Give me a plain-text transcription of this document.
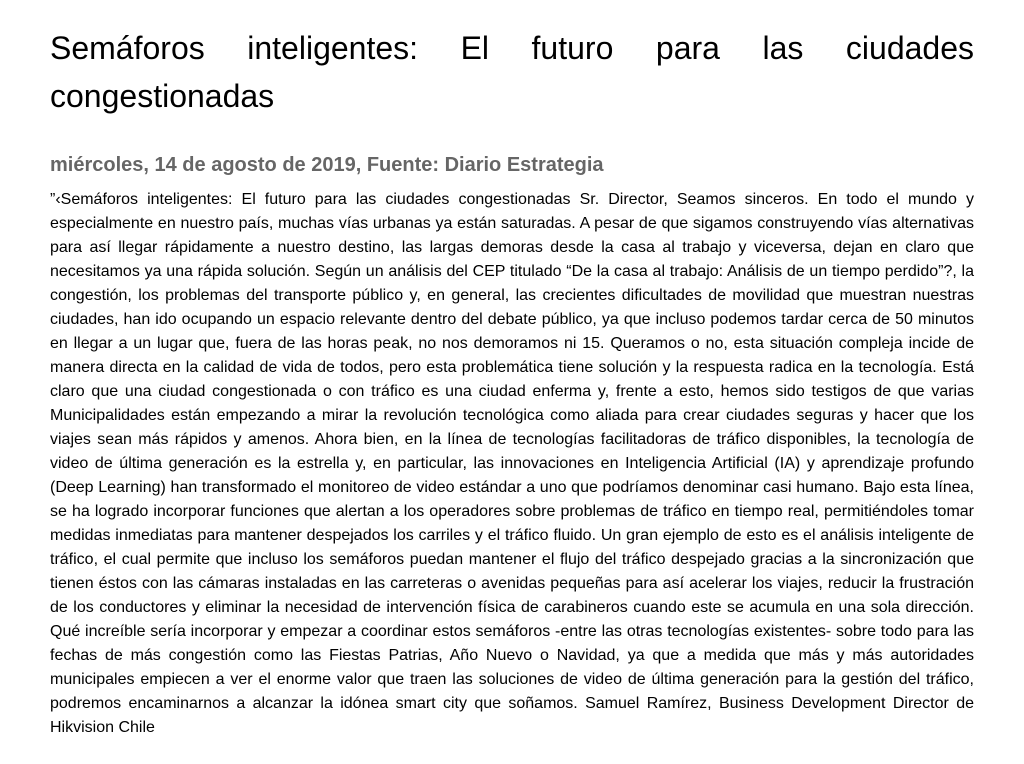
Semáforos inteligentes: El futuro para las ciudades congestionadas
miércoles, 14 de agosto de 2019, Fuente: Diario Estrategia
”‹Semáforos inteligentes: El futuro para las ciudades congestionadas Sr. Director, Seamos sinceros. En todo el mundo y especialmente en nuestro país, muchas vías urbanas ya están saturadas. A pesar de que sigamos construyendo vías alternativas para así llegar rápidamente a nuestro destino, las largas demoras desde la casa al trabajo y viceversa, dejan en claro que necesitamos ya una rápida solución. Según un análisis del CEP titulado “De la casa al trabajo: Análisis de un tiempo perdido”?, la congestión, los problemas del transporte público y, en general, las crecientes dificultades de movilidad que muestran nuestras ciudades, han ido ocupando un espacio relevante dentro del debate público, ya que incluso podemos tardar cerca de 50 minutos en llegar a un lugar que, fuera de las horas peak, no nos demoramos ni 15. Queramos o no, esta situación compleja incide de manera directa en la calidad de vida de todos, pero esta problemática tiene solución y la respuesta radica en la tecnología. Está claro que una ciudad congestionada o con tráfico es una ciudad enferma y, frente a esto, hemos sido testigos de que varias Municipalidades están empezando a mirar la revolución tecnológica como aliada para crear ciudades seguras y hacer que los viajes sean más rápidos y amenos. Ahora bien, en la línea de tecnologías facilitadoras de tráfico disponibles, la tecnología de video de última generación es la estrella y, en particular, las innovaciones en Inteligencia Artificial (IA) y aprendizaje profundo (Deep Learning) han transformado el monitoreo de video estándar a uno que podríamos denominar casi humano. Bajo esta línea, se ha logrado incorporar funciones que alertan a los operadores sobre problemas de tráfico en tiempo real, permitiéndoles tomar medidas inmediatas para mantener despejados los carriles y el tráfico fluido. Un gran ejemplo de esto es el análisis inteligente de tráfico, el cual permite que incluso los semáforos puedan mantener el flujo del tráfico despejado gracias a la sincronización que tienen éstos con las cámaras instaladas en las carreteras o avenidas pequeñas para así acelerar los viajes, reducir la frustración de los conductores y eliminar la necesidad de intervención física de carabineros cuando este se acumula en una sola dirección. Qué increíble sería incorporar y empezar a coordinar estos semáforos -entre las otras tecnologías existentes- sobre todo para las fechas de más congestión como las Fiestas Patrias, Año Nuevo o Navidad, ya que a medida que más y más autoridades municipales empiecen a ver el enorme valor que traen las soluciones de video de última generación para la gestión del tráfico, podremos encaminarnos a alcanzar la idónea smart city que soñamos. Samuel Ramírez, Business Development Director de Hikvision Chile
